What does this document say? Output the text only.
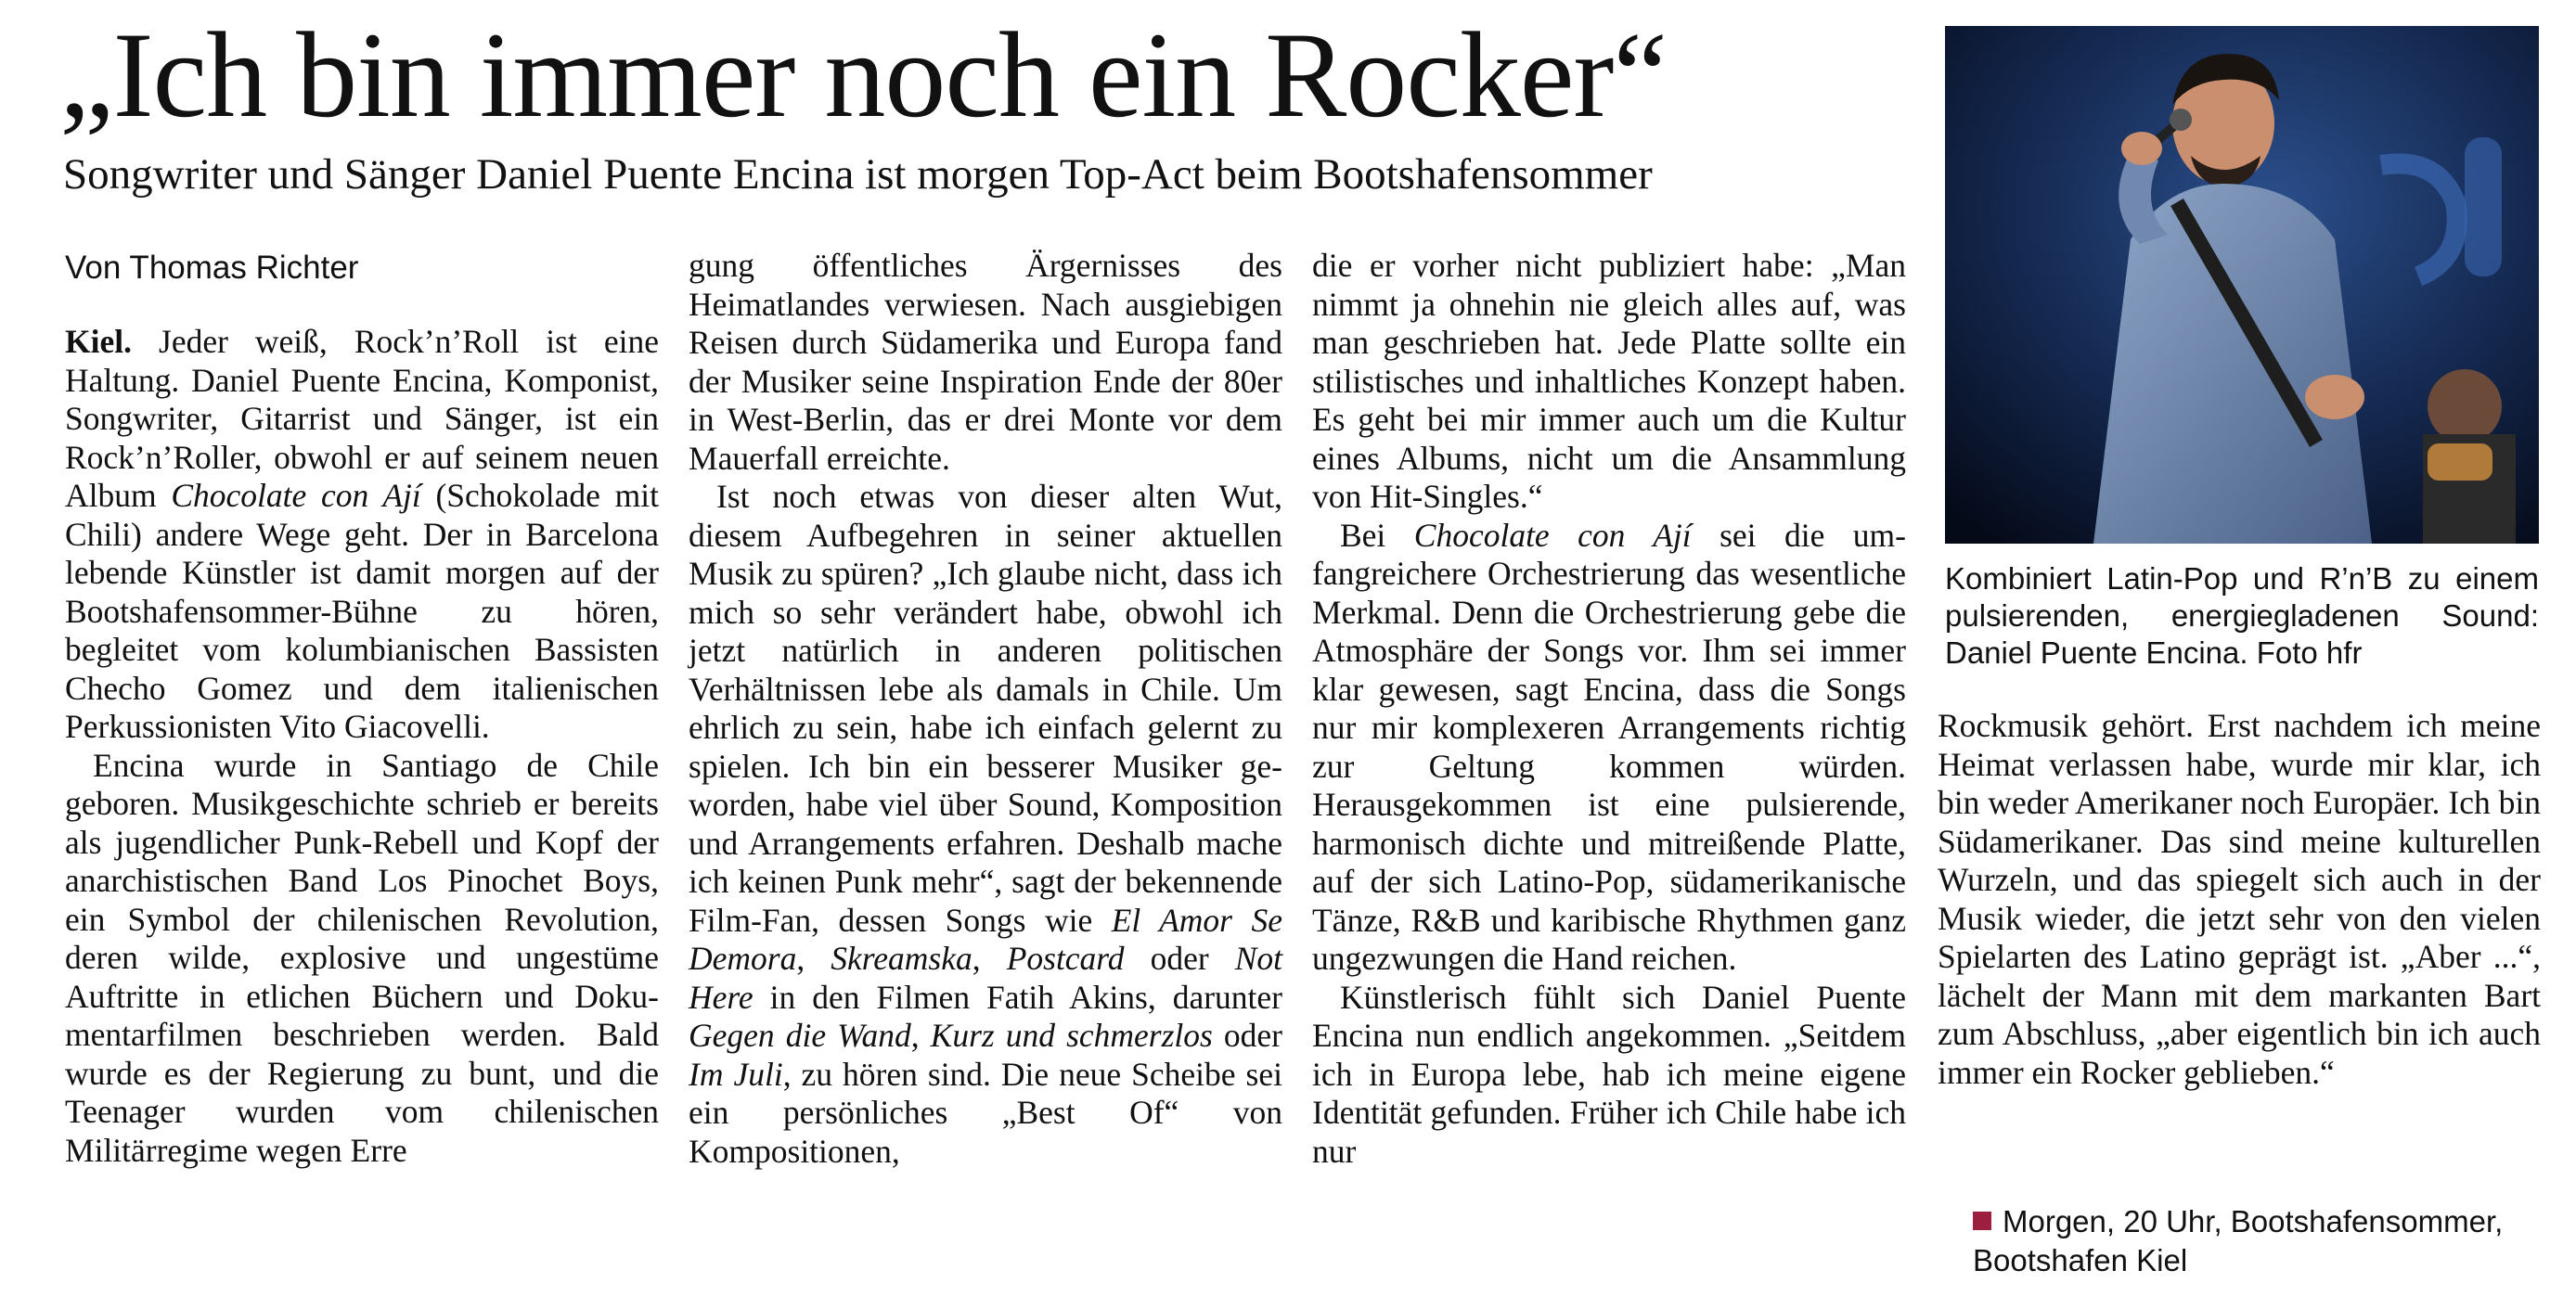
„Ich bin immer noch ein Rocker“
Songwriter und Sänger Daniel Puente Encina ist morgen Top-Act beim Bootshafensommer
Von Thomas Richter

Kiel. Jeder weiß, Rock’n’Roll ist eine Haltung. Daniel Puente Encina, Komponist, Songwriter, Gitarrist und Sänger, ist ein Rock’n’Roller, obwohl er auf seinem neuen Album Chocolate con Ají (Schokolade mit Chili) andere Wege geht. Der in Barcelona lebende Künstler ist damit morgen auf der Bootshafensommer-Bühne zu hören, begleitet vom kolumbianischen Bassisten Checho Gomez und dem italienischen Perkussionisten Vito Giacovelli.

Encina wurde in Santiago de Chile geboren. Musikgeschichte schrieb er bereits als jugendlicher Punk-Rebell und Kopf der anarchistischen Band Los Pinochet Boys, ein Symbol der chilenischen Revolution, deren wilde, explosive und ungestüme Auftritte in etlichen Büchern und Dokumentarfilmen beschrieben werden. Bald wurde es der Regierung zu bunt, und die Teenager wurden vom chilenischen Militärregime wegen Erre

gung öffentliches Ärgernisses des Heimatlandes verwiesen. Nach ausgiebigen Reisen durch Südamerika und Europa fand der Musiker seine Inspiration Ende der 80er in West-Berlin, das er drei Monte vor dem Mauerfall erreichte.

Ist noch etwas von dieser alten Wut, diesem Aufbegehren in seiner aktuellen Musik zu spüren? „Ich glaube nicht, dass ich mich so sehr verändert habe, obwohl ich jetzt natürlich in anderen politischen Verhältnissen lebe als damals in Chile. Um ehrlich zu sein, habe ich einfach gelernt zu spielen. Ich bin ein besserer Musiker geworden, habe viel über Sound, Komposition und Arrangements erfahren. Deshalb mache ich keinen Punk mehr“, sagt der bekennende Film-Fan, dessen Songs wie El Amor Se Demora, Skreamska, Postcard oder Not Here in den Filmen Fatih Akins, darunter Gegen die Wand, Kurz und schmerzlos oder Im Juli, zu hören sind. Die neue Scheibe sei ein persönliches „Best Of“ von Kompositionen,

die er vorher nicht publiziert habe: „Man nimmt ja ohnehin nie gleich alles auf, was man geschrieben hat. Jede Platte sollte ein stilistisches und inhaltliches Konzept haben. Es geht bei mir immer auch um die Kultur eines Albums, nicht um die Ansammlung von Hit-Singles.“

Bei Chocolate con Ají sei die umfangreichere Orchestrierung das wesentliche Merkmal. Denn die Orchestrierung gebe die Atmosphäre der Songs vor. Ihm sei immer klar gewesen, sagt Encina, dass die Songs nur mir komplexeren Arrangements richtig zur Geltung kommen würden. Herausgekommen ist eine pulsierende, harmonisch dichte und mitreißende Platte, auf der sich Latino-Pop, südamerikanische Tänze, R&B und karibische Rhythmen ganz ungezwungen die Hand reichen.

Künstlerisch fühlt sich Daniel Puente Encina nun endlich angekommen. „Seitdem ich in Europa lebe, hab ich meine eigene Identität gefunden. Früher ich Chile habe ich nur

Kombiniert Latin-Pop und R’n’B zu einem pulsierenden, energiegladenen Sound: Daniel Puente Encina. Foto hfr

Rockmusik gehört. Erst nachdem ich meine Heimat verlassen habe, wurde mir klar, ich bin weder Amerikaner noch Europäer. Ich bin Südamerikaner. Das sind meine kulturellen Wurzeln, und das spiegelt sich auch in der Musik wieder, die jetzt sehr von den vielen Spielarten des Latino geprägt ist. „Aber ...“, lächelt der Mann mit dem markanten Bart zum Abschluss, „aber eigentlich bin ich auch immer ein Rocker geblieben.“

Morgen, 20 Uhr, Bootshafensommer,
Bootshafen Kiel
